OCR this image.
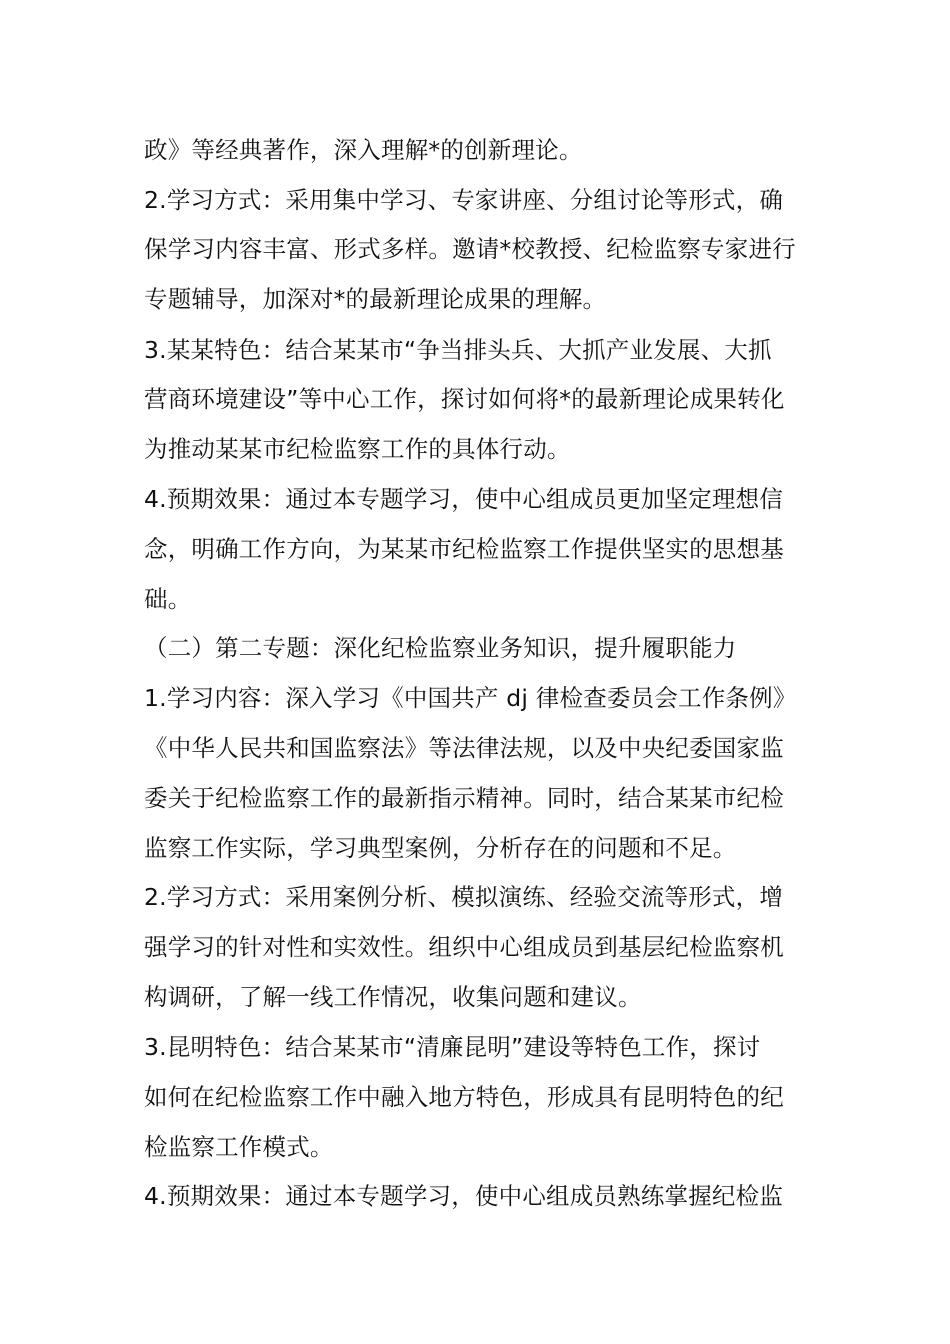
政》等经典著作，深入理解*的创新理论。
2.学习方式：采用集中学习、专家讲座、分组讨论等形式，确
保学习内容丰富、形式多样。邀请*校教授、纪检监察专家进行
专题辅导，加深对*的最新理论成果的理解。
3.某某特色：结合某某市“争当排头兵、大抓产业发展、大抓
营商环境建设”等中心工作，探讨如何将*的最新理论成果转化
为推动某某市纪检监察工作的具体行动。
4.预期效果：通过本专题学习，使中心组成员更加坚定理想信
念，明确工作方向，为某某市纪检监察工作提供坚实的思想基
础。
（二）第二专题：深化纪检监察业务知识，提升履职能力
1.学习内容：深入学习《中国共产 dj 律检查委员会工作条例》
《中华人民共和国监察法》等法律法规，以及中央纪委国家监
委关于纪检监察工作的最新指示精神。同时，结合某某市纪检
监察工作实际，学习典型案例，分析存在的问题和不足。
2.学习方式：采用案例分析、模拟演练、经验交流等形式，增
强学习的针对性和实效性。组织中心组成员到基层纪检监察机
构调研，了解一线工作情况，收集问题和建议。
3.昆明特色：结合某某市“清廉昆明”建设等特色工作，探讨
如何在纪检监察工作中融入地方特色，形成具有昆明特色的纪
检监察工作模式。
4.预期效果：通过本专题学习，使中心组成员熟练掌握纪检监
